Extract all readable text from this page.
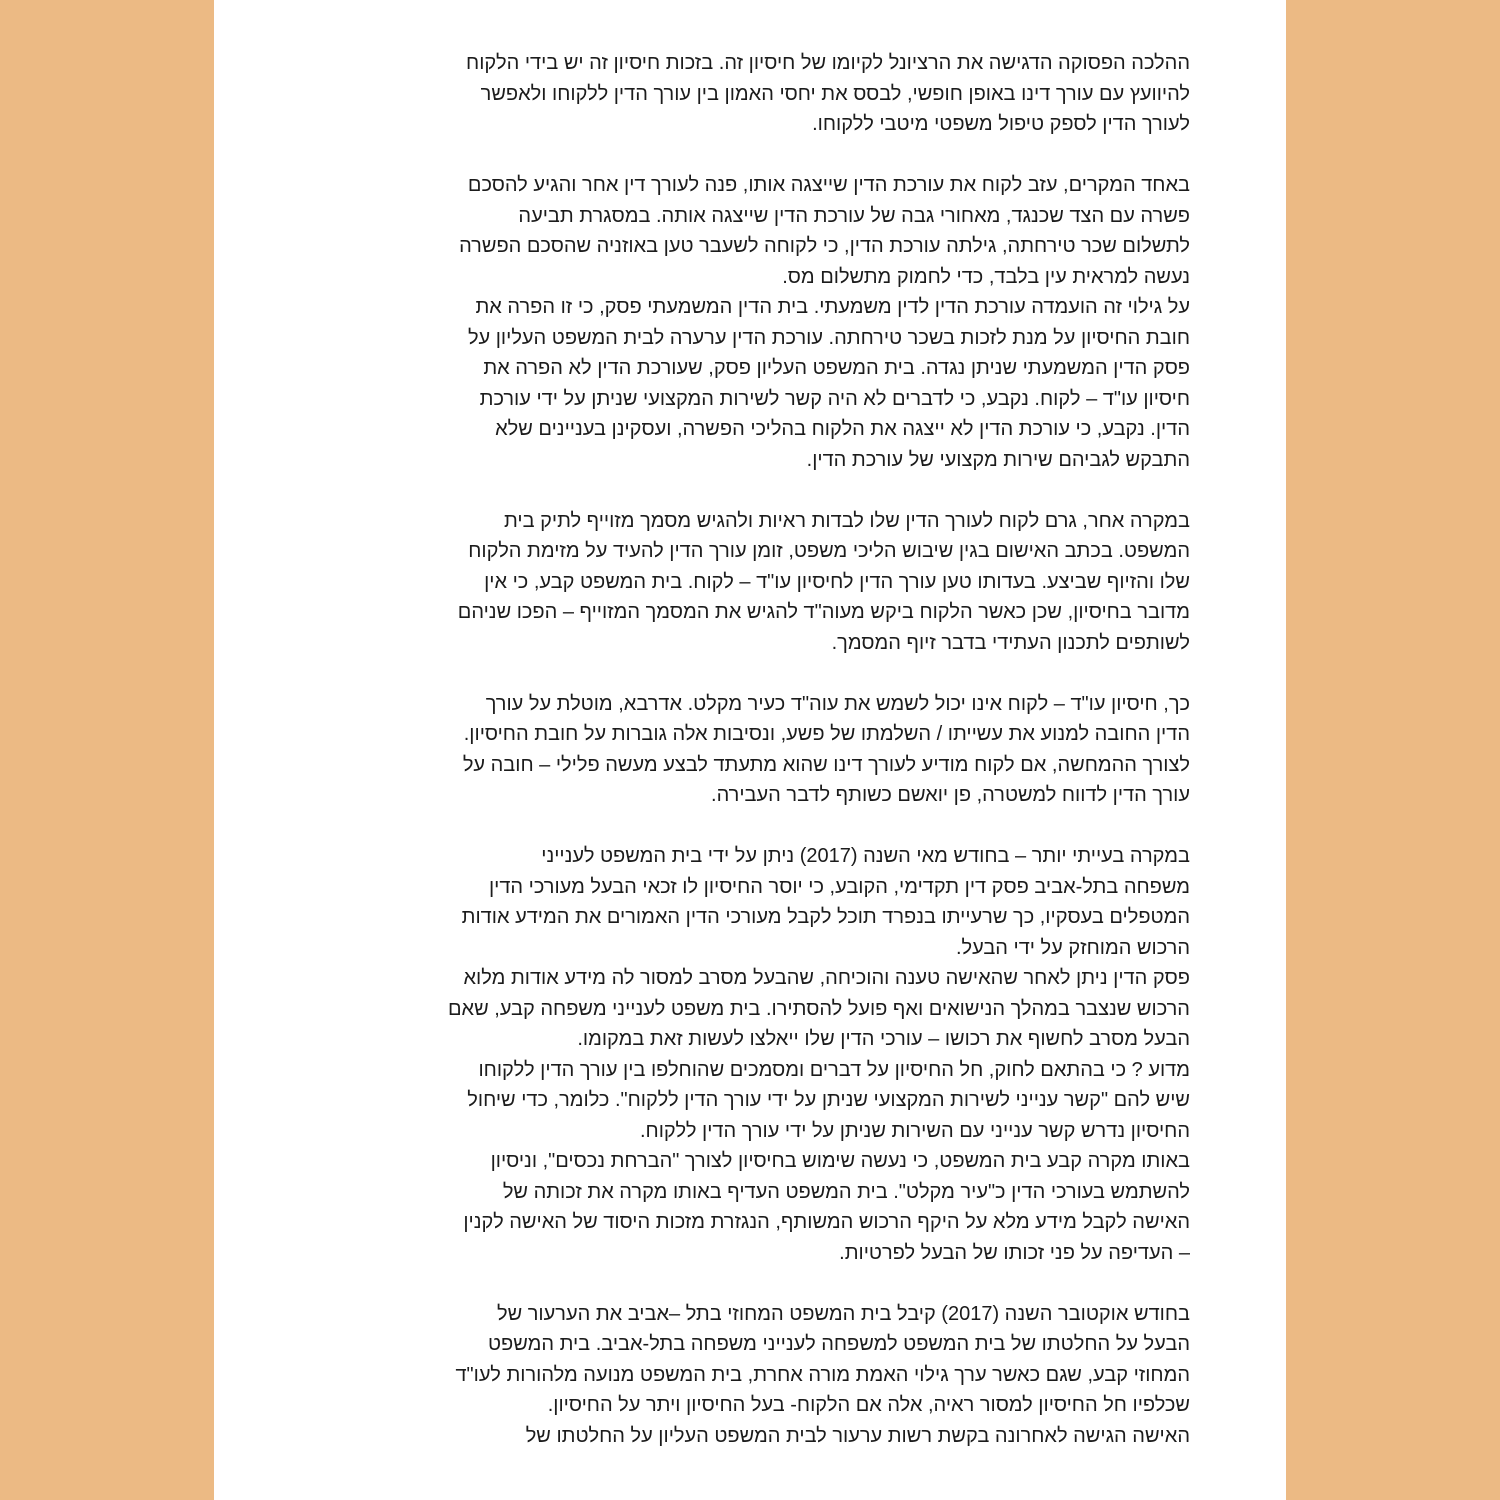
ההלכה הפסוקה הדגישה את הרציונל לקיומו של חיסיון זה. בזכות חיסיון זה יש בידי הלקוח
להיוועץ עם עורך דינו באופן חופשי, לבסס את יחסי האמון בין עורך הדין ללקוחו ולאפשר
לעורך הדין לספק טיפול משפטי מיטבי ללקוחו.
באחד המקרים, עזב לקוח את עורכת הדין שייצגה אותו, פנה לעורך דין אחר והגיע להסכם
פשרה עם הצד שכנגד, מאחורי גבה של עורכת הדין שייצגה אותה. במסגרת תביעה
לתשלום שכר טירחתה, גילתה עורכת הדין, כי לקוחה לשעבר טען באוזניה שהסכם הפשרה
נעשה למראית עין בלבד, כדי לחמוק מתשלום מס.
על גילוי זה הועמדה עורכת הדין לדין משמעתי. בית הדין המשמעתי פסק, כי זו הפרה את
חובת החיסיון על מנת לזכות בשכר טירחתה. עורכת הדין ערערה לבית המשפט העליון על
פסק הדין המשמעתי שניתן נגדה. בית המשפט העליון פסק, שעורכת הדין לא הפרה את
חיסיון עו"ד – לקוח. נקבע, כי לדברים לא היה קשר לשירות המקצועי שניתן על ידי עורכת
הדין. נקבע, כי עורכת הדין לא ייצגה את הלקוח בהליכי הפשרה, ועסקינן בעניינים שלא
התבקש לגביהם שירות מקצועי של עורכת הדין.
במקרה אחר, גרם לקוח לעורך הדין שלו לבדות ראיות ולהגיש מסמך מזוייף לתיק בית
המשפט. בכתב האישום בגין שיבוש הליכי משפט, זומן עורך הדין להעיד על מזימת הלקוח
שלו והזיוף שביצע. בעדותו טען עורך הדין לחיסיון עו"ד – לקוח. בית המשפט קבע, כי אין
מדובר בחיסיון, שכן כאשר הלקוח ביקש מעוה"ד להגיש את המסמך המזוייף – הפכו שניהם
לשותפים לתכנון העתידי בדבר זיוף המסמך.
כך, חיסיון עו"ד – לקוח אינו יכול לשמש את עוה"ד כעיר מקלט. אדרבא, מוטלת על עורך
הדין החובה למנוע את עשייתו / השלמתו של פשע, ונסיבות אלה גוברות על חובת החיסיון.
לצורך ההמחשה, אם לקוח מודיע לעורך דינו שהוא מתעתד לבצע מעשה פלילי – חובה על
עורך הדין לדווח למשטרה, פן יואשם כשותף לדבר העבירה.
במקרה בעייתי יותר – בחודש מאי השנה (2017) ניתן על ידי בית המשפט לענייני
משפחה בתל-אביב פסק דין תקדימי, הקובע, כי יוסר החיסיון לו זכאי הבעל מעורכי הדין
המטפלים בעסקיו, כך שרעייתו בנפרד תוכל לקבל מעורכי הדין האמורים את המידע אודות
הרכוש המוחזק על ידי הבעל.
פסק הדין ניתן לאחר שהאישה טענה והוכיחה, שהבעל מסרב למסור לה מידע אודות מלוא
הרכוש שנצבר במהלך הנישואים ואף פועל להסתירו. בית משפט לענייני משפחה קבע, שאם
הבעל מסרב לחשוף את רכושו – עורכי הדין שלו ייאלצו לעשות זאת במקומו.
מדוע ? כי בהתאם לחוק, חל החיסיון על דברים ומסמכים שהוחלפו בין עורך הדין ללקוחו
שיש להם "קשר ענייני לשירות המקצועי שניתן על ידי עורך הדין ללקוח". כלומר, כדי שיחול
החיסיון נדרש קשר ענייני עם השירות שניתן על ידי עורך הדין ללקוח.
באותו מקרה קבע בית המשפט, כי נעשה שימוש בחיסיון לצורך "הברחת נכסים", וניסיון
להשתמש בעורכי הדין כ"עיר מקלט". בית המשפט העדיף באותו מקרה את זכותה של
האישה לקבל מידע מלא על היקף הרכוש המשותף, הנגזרת מזכות היסוד של האישה לקנין
– העדיפה על פני זכותו של הבעל לפרטיות.
בחודש אוקטובר השנה (2017) קיבל בית המשפט המחוזי בתל –אביב את הערעור של
הבעל על החלטתו של בית המשפט למשפחה לענייני משפחה בתל-אביב. בית המשפט
המחוזי קבע, שגם כאשר ערך גילוי האמת מורה אחרת, בית המשפט מנועה מלהורות לעו"ד
שכלפיו חל החיסיון למסור ראיה, אלה אם הלקוח- בעל החיסיון ויתר על החיסיון.
האישה הגישה לאחרונה בקשת רשות ערעור לבית המשפט העליון על החלטתו של
